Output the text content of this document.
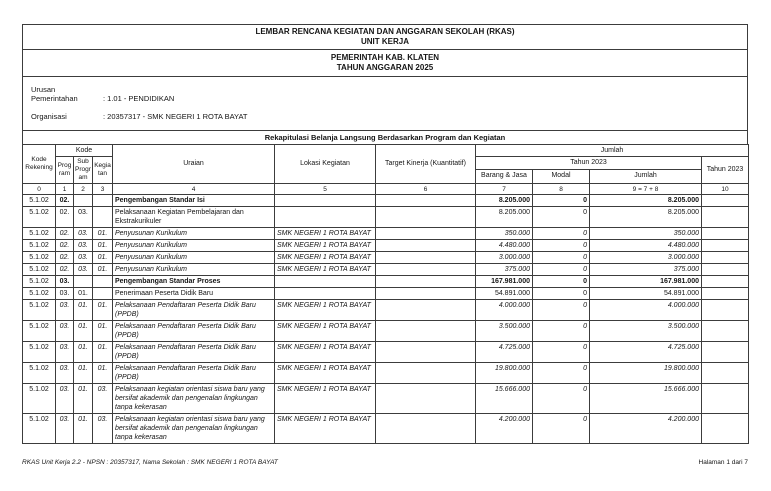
LEMBAR RENCANA KEGIATAN DAN ANGGARAN SEKOLAH (RKAS)
UNIT KERJA
PEMERINTAH KAB. KLATEN
TAHUN ANGGARAN 2025
Urusan Pemerintahan	: 1.01 - PENDIDIKAN
Organisasi	: 20357317 - SMK NEGERI 1 ROTA BAYAT
Rekapitulasi Belanja Langsung Berdasarkan Program dan Kegiatan
Kode Rekening	Kode			Uraian	Lokasi Kegiatan	Target Kinerja (Kuantitatif)	Jumlah			
	Program	Sub Program	Kegiatan				Tahun 2023			Tahun 2023
							Barang & Jasa	Modal	Jumlah	
0	1	2	3	4	5	6	7	8	9 = 7 + 8	10
5.1.02	02.			Pengembangan Standar Isi			8.205.000	0	8.205.000	
5.1.02	02.	03.		Pelaksanaan Kegiatan Pembelajaran dan Ekstrakurikuler			8.205.000	0	8.205.000	
5.1.02	02.	03.	01.	Penyusunan Kurikulum	SMK NEGERI 1 ROTA BAYAT		350.000	0	350.000	
5.1.02	02.	03.	01.	Penyusunan Kurikulum	SMK NEGERI 1 ROTA BAYAT		4.480.000	0	4.480.000	
5.1.02	02.	03.	01.	Penyusunan Kurikulum	SMK NEGERI 1 ROTA BAYAT		3.000.000	0	3.000.000	
5.1.02	02.	03.	01.	Penyusunan Kurikulum	SMK NEGERI 1 ROTA BAYAT		375.000	0	375.000	
5.1.02	03.			Pengembangan Standar Proses			167.981.000	0	167.981.000	
5.1.02	03.	01.		Penerimaan Peserta Didik Baru			54.891.000	0	54.891.000	
5.1.02	03.	01.	01.	Pelaksanaan Pendaftaran Peserta Didik Baru (PPDB)	SMK NEGERI 1 ROTA BAYAT		4.000.000	0	4.000.000	
5.1.02	03.	01.	01.	Pelaksanaan Pendaftaran Peserta Didik Baru (PPDB)	SMK NEGERI 1 ROTA BAYAT		3.500.000	0	3.500.000	
5.1.02	03.	01.	01.	Pelaksanaan Pendaftaran Peserta Didik Baru (PPDB)	SMK NEGERI 1 ROTA BAYAT		4.725.000	0	4.725.000	
5.1.02	03.	01.	01.	Pelaksanaan Pendaftaran Peserta Didik Baru (PPDB)	SMK NEGERI 1 ROTA BAYAT		19.800.000	0	19.800.000	
5.1.02	03.	01.	03.	Pelaksanaan kegiatan orientasi siswa baru yang bersifat akademik dan pengenalan lingkungan tanpa kekerasan	SMK NEGERI 1 ROTA BAYAT		15.666.000	0	15.666.000	
5.1.02	03.	01.	03.	Pelaksanaan kegiatan orientasi siswa baru yang bersifat akademik dan pengenalan lingkungan tanpa kekerasan	SMK NEGERI 1 ROTA BAYAT		4.200.000	0	4.200.000	
RKAS Unit Kerja 2.2 - NPSN : 20357317, Nama Sekolah : SMK NEGERI 1 ROTA BAYAT	Halaman 1 dari 7
